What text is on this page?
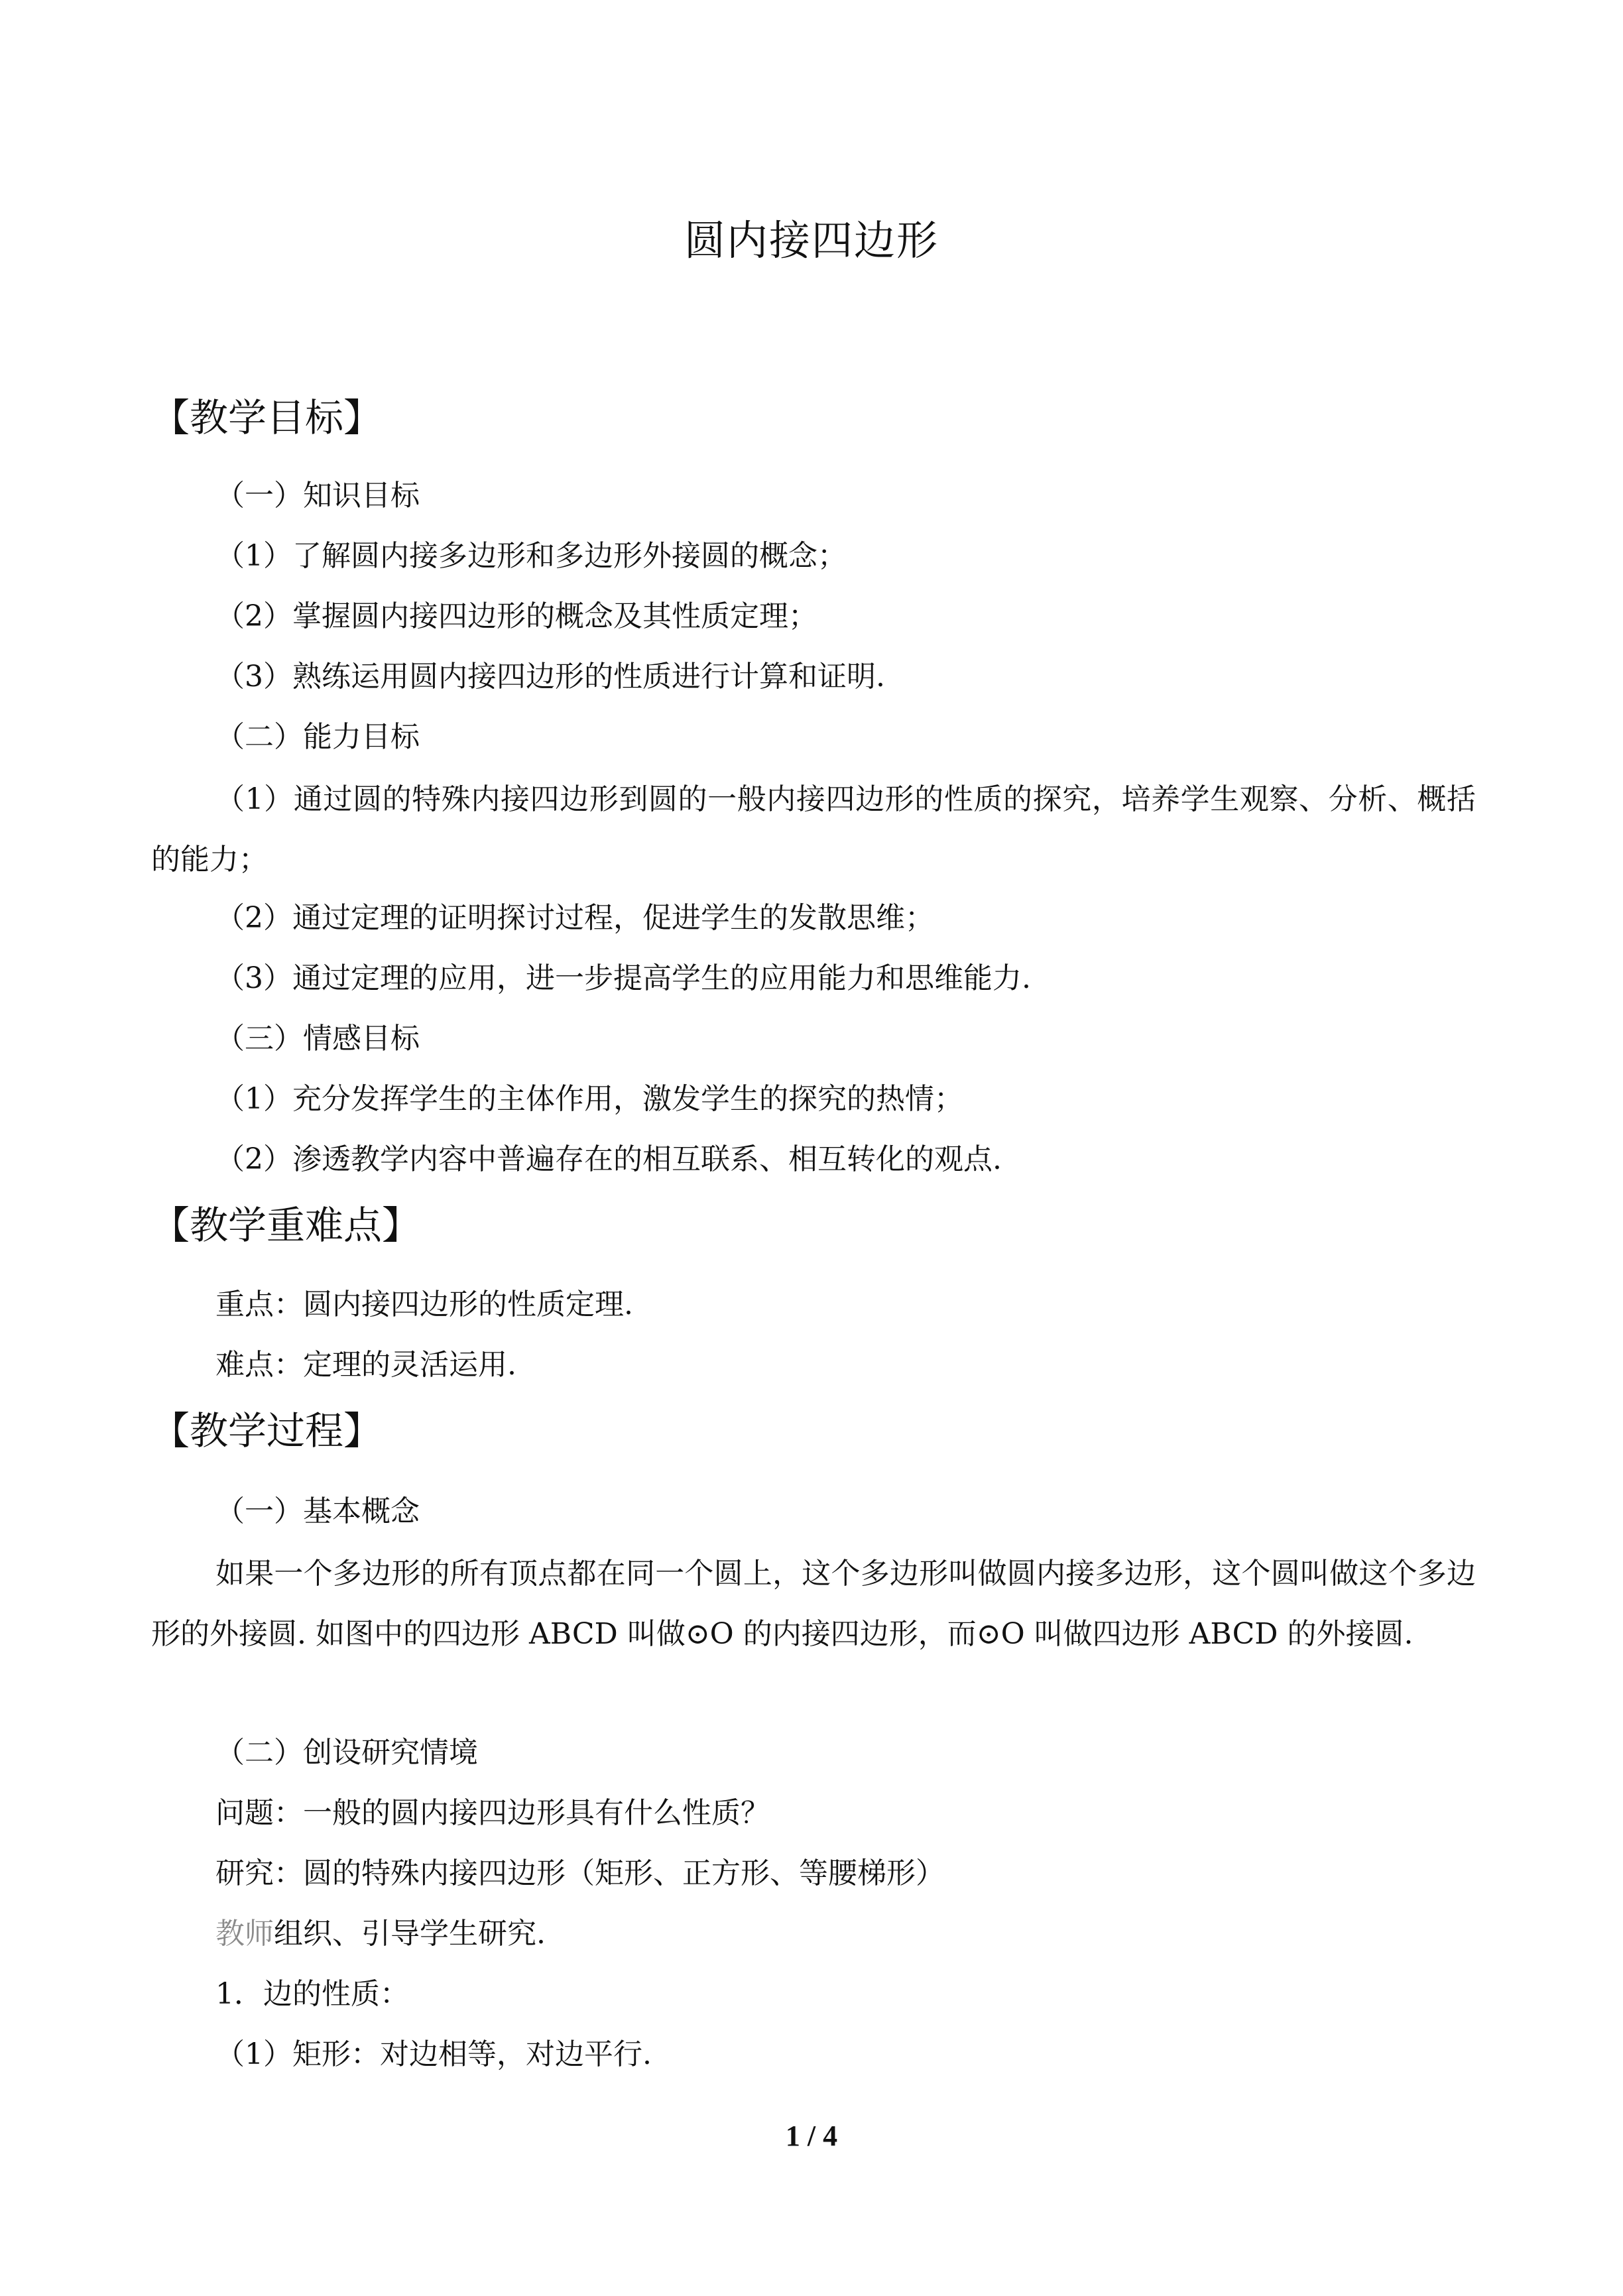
圆内接四边形
【教学目标】
（一）知识目标
（1）了解圆内接多边形和多边形外接圆的概念；
（2）掌握圆内接四边形的概念及其性质定理；
（3）熟练运用圆内接四边形的性质进行计算和证明.
（二）能力目标
（1）通过圆的特殊内接四边形到圆的一般内接四边形的性质的探究，培养学生观察、分析、概括的能力；
（2）通过定理的证明探讨过程，促进学生的发散思维；
（3）通过定理的应用，进一步提高学生的应用能力和思维能力.
（三）情感目标
（1）充分发挥学生的主体作用，激发学生的探究的热情；
（2）渗透教学内容中普遍存在的相互联系、相互转化的观点.
【教学重难点】
重点：圆内接四边形的性质定理.
难点：定理的灵活运用.
【教学过程】
（一）基本概念
如果一个多边形的所有顶点都在同一个圆上，这个多边形叫做圆内接多边形，这个圆叫做这个多边形的外接圆. 如图中的四边形 ABCD 叫做⊙O 的内接四边形，而⊙O 叫做四边形 ABCD 的外接圆.
（二）创设研究情境
问题：一般的圆内接四边形具有什么性质？
研究：圆的特殊内接四边形（矩形、正方形、等腰梯形）
教师组织、引导学生研究.
1．边的性质：
（1）矩形：对边相等，对边平行.
1 / 4
